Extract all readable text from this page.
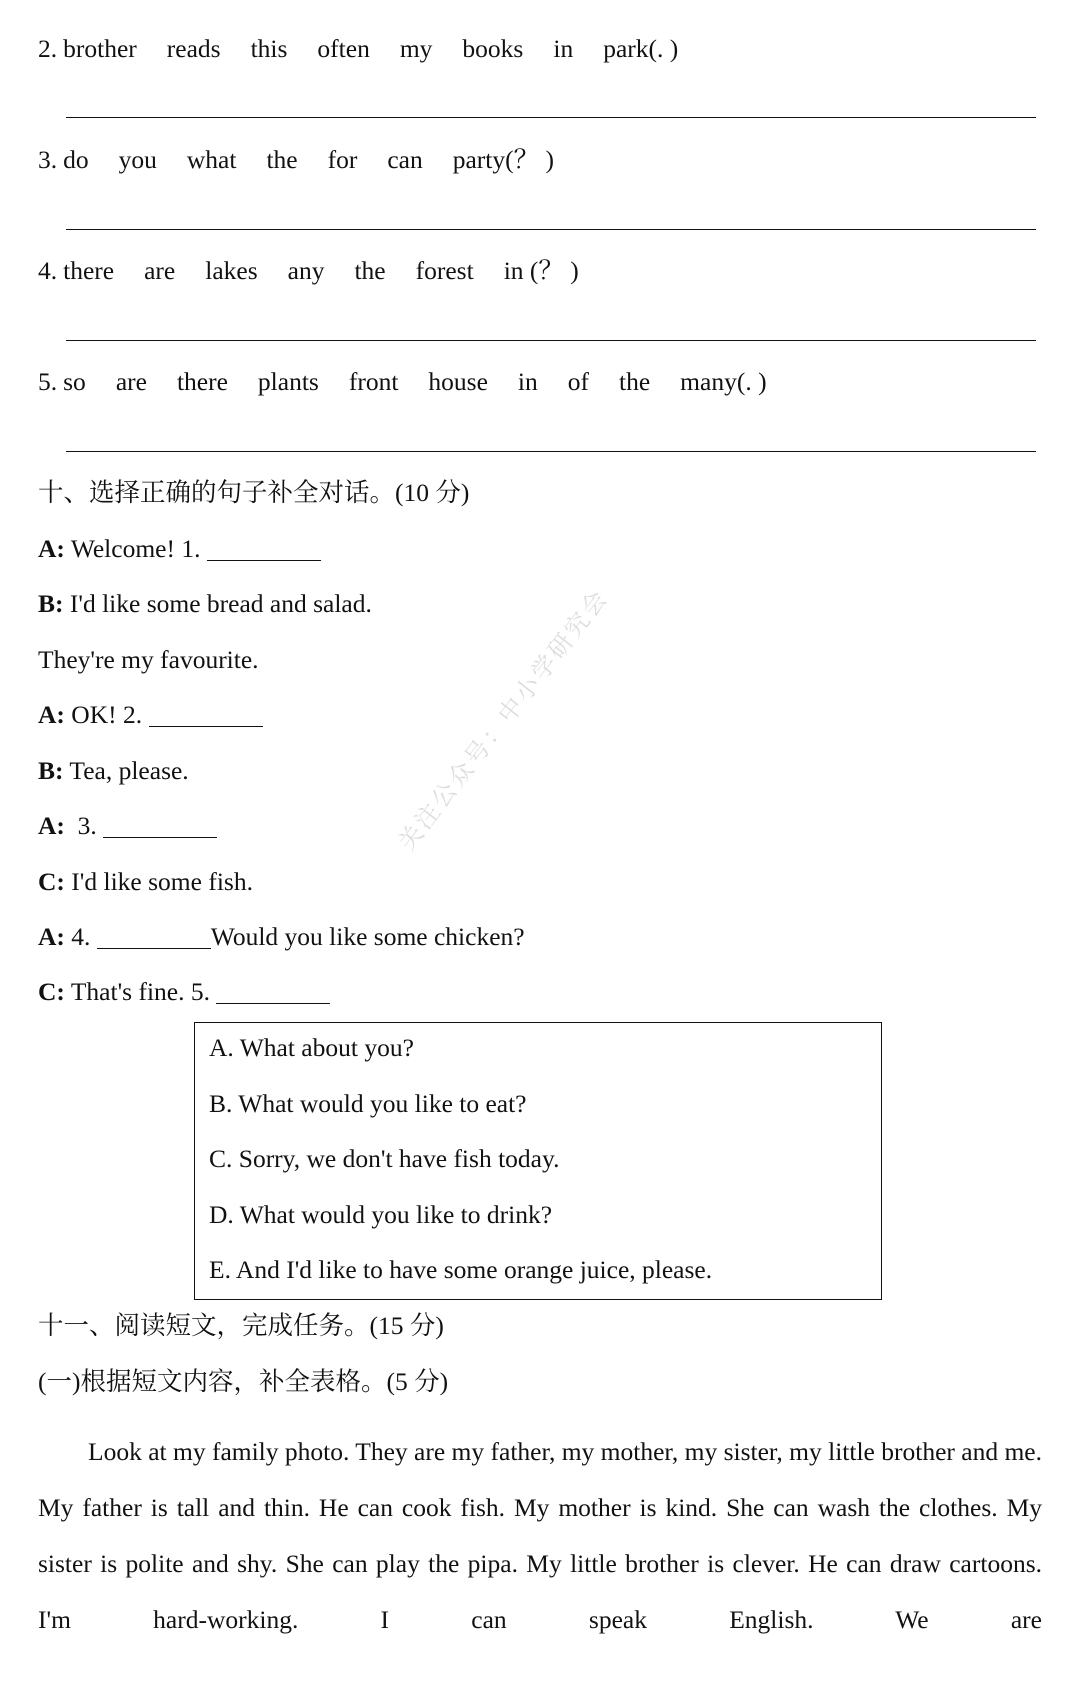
2. brother reads this often my books in park(. )
3. do you what the for can party(？ )
4. there are lakes any the forest in (？ )
5. so are there plants front house in of the many(. )
十、选择正确的句子补全对话。(10 分)
A: Welcome! 1.
B: I'd like some bread and salad.
They're my favourite.
A: OK! 2.
B: Tea, please.
A:  3.
C: I'd like some fish.
A: 4.	Would you like some chicken?
C: That's fine. 5.
A. What about you?
B. What would you like to eat?
C. Sorry, we don't have fish today.
D. What would you like to drink?
E. And I'd like to have some orange juice, please.
十一、阅读短文，完成任务。(15 分)
(一)根据短文内容，补全表格。(5 分)

Look at my family photo. They are my father, my mother, my sister, my little brother and me. My father is tall and thin. He can cook fish. My mother is kind. She can wash the clothes. My sister is polite and shy. She can play the pipa. My little brother is clever. He can draw cartoons. I'm hard-working. I can speak English. We are

关注公众号：中小学研究会
